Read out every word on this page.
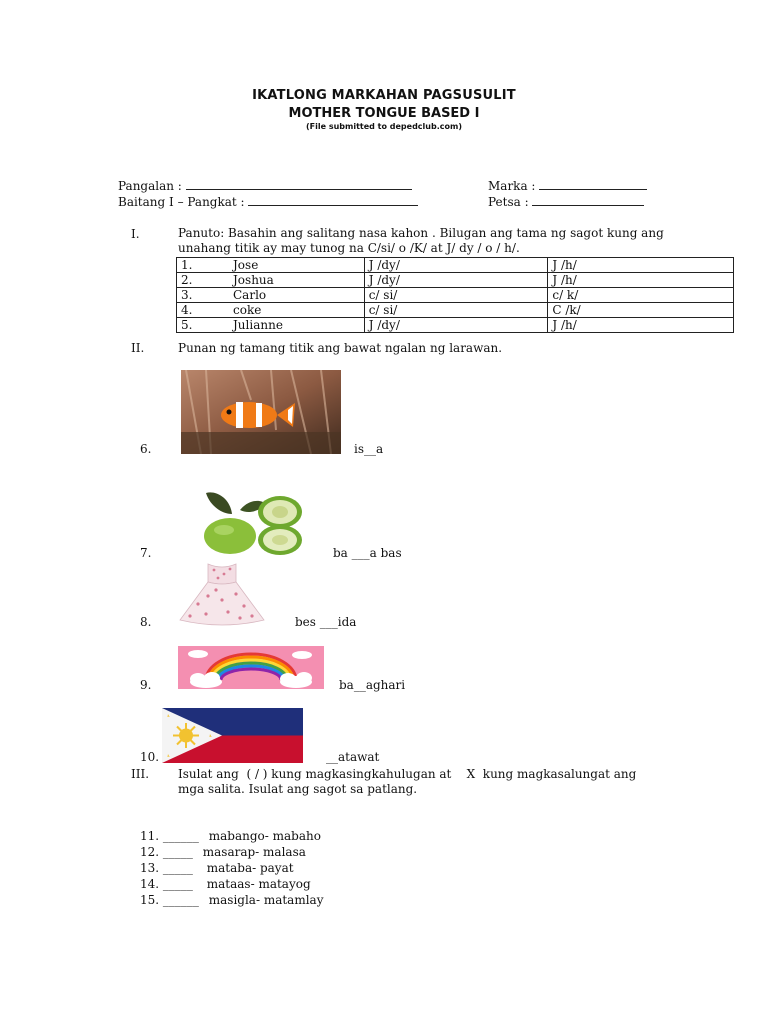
IKATLONG MARKAHAN PAGSUSULIT
MOTHER TONGUE BASED I
(File submitted to depedclub.com)
Pangalan :
Baitang I – Pangkat :
Marka :
Petsa :
I.	Panuto: Basahin ang salitang nasa kahon . Bilugan ang tama ng sagot kung ang
unahang titik ay may tunog na C/si/ o /K/ at J/ dy / o / h/.
1. Jose	J /dy/	J /h/
2. Joshua	J /dy/	J /h/
3. Carlo	c/ si/	c/ k/
4. coke	c/ si/	C /k/
5. Julianne	J /dy/	J /h/
II.	Punan ng tamang titik ang bawat ngalan ng larawan.
6.	is__a
7.	ba ___a bas
8.	bes ___ida
9.	ba__aghari
10.	__atawat
III. Isulat ang  ( / ) kung magkasingkahulugan at    X  kung magkasalungat ang
mga salita. Isulat ang sagot sa patlang.
11. ______ mabango- mabaho
12. _____ masarap- malasa
13. _____ mataba- payat
14. _____ mataas- matayog
15. ______ masigla- matamlay
